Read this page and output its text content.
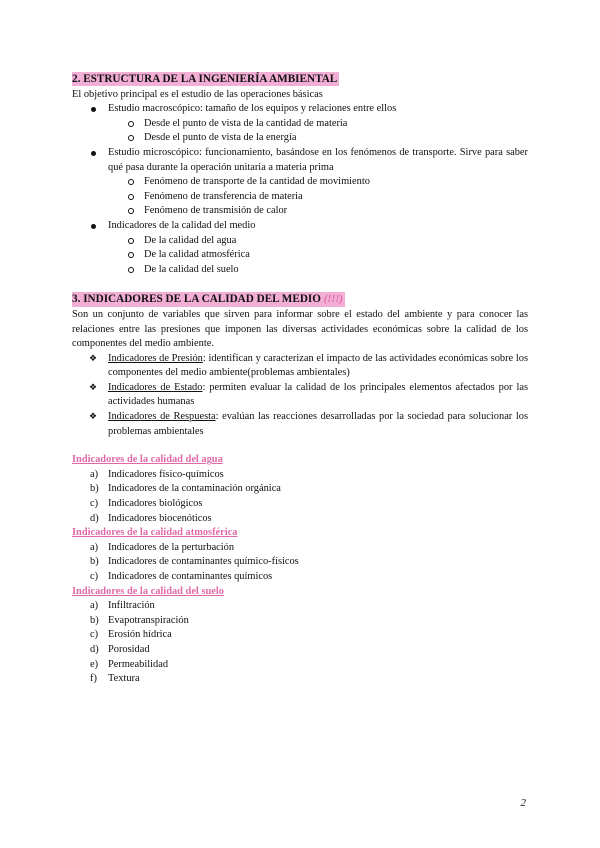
2. ESTRUCTURA DE LA INGENIERÍA AMBIENTAL

El objetivo principal es el estudio de las operaciones básicas

Estudio macroscópico: tamaño de los equipos y relaciones entre ellos
Desde el punto de vista de la cantidad de materia
Desde el punto de vista de la energía
Estudio microscópico: funcionamiento, basándose en los fenómenos de transporte. Sirve para saber qué pasa durante la operación unitaria a materia prima
Fenómeno de transporte de la cantidad de movimiento
Fenómeno de transferencia de materia
Fenómeno de transmisión de calor
Indicadores de la calidad del medio
De la calidad del agua
De la calidad atmosférica
De la calidad del suelo
3. INDICADORES DE LA CALIDAD DEL MEDIO (!!!)

Son un conjunto de variables que sirven para informar sobre el estado del ambiente y para conocer las relaciones entre las presiones que imponen las diversas actividades económicas sobre la calidad de los componentes del medio ambiente.

❖ Indicadores de Presión: identifican y caracterizan el impacto de las actividades económicas sobre los componentes del medio ambiente(problemas ambientales)
❖ Indicadores de Estado: permiten evaluar la calidad de los principales elementos afectados por las actividades humanas
❖ Indicadores de Respuesta: evalúan las reacciones desarrolladas por la sociedad para solucionar los problemas ambientales

Indicadores de la calidad del agua

a) Indicadores físico-químicos
b) Indicadores de la contaminación orgánica
c) Indicadores biológicos
d) Indicadores biocenóticos

Indicadores de la calidad atmosférica

a) Indicadores de la perturbación
b) Indicadores de contaminantes químico-físicos
c) Indicadores de contaminantes químicos

Indicadores de la calidad del suelo

a) Infiltración
b) Evapotranspiración
c) Erosión hídrica
d) Porosidad
e) Permeabilidad
f) Textura
2
